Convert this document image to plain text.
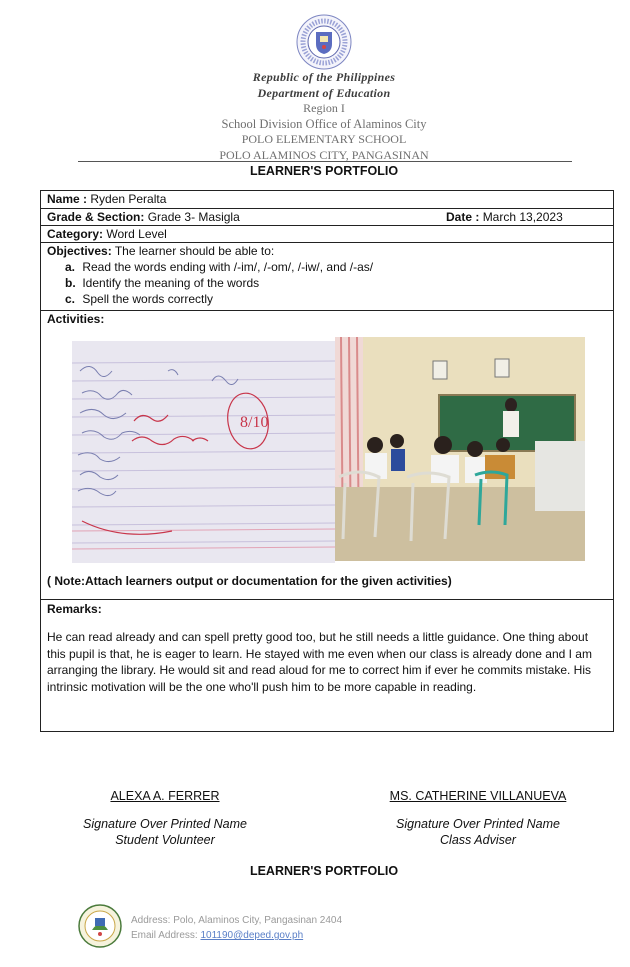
Republic of the Philippines
Department of Education
Region I
School Division Office of Alaminos City
POLO ELEMENTARY SCHOOL
POLO ALAMINOS CITY, PANGASINAN
LEARNER'S PORTFOLIO
Name : Ryden Peralta
Grade & Section: Grade 3- Masigla	Date : March 13,2023
Category: Word Level
Objectives: The learner should be able to:
a. Read the words ending with /-im/, /-om/, /-iw/, and /-as/
b. Identify the meaning of the words
c. Spell the words correctly
Activities:
8/10
( Note:Attach learners output or documentation for the given activities)
Remarks:
He can read already and can spell pretty good too, but he still needs a little guidance. One thing about this pupil is that, he is eager to learn. He stayed with me even when our class is already done and I am arranging the library. He would sit and read aloud for me to correct him if ever he commits mistake. His intrinsic motivation will be the one who'll push him to be more capable in reading.
ALEXA A. FERRER
Signature Over Printed Name
Student Volunteer
MS. CATHERINE VILLANUEVA
Signature Over Printed Name
Class Adviser
LEARNER'S PORTFOLIO
Address: Polo, Alaminos City, Pangasinan 2404
Email Address: 101190@deped.gov.ph
